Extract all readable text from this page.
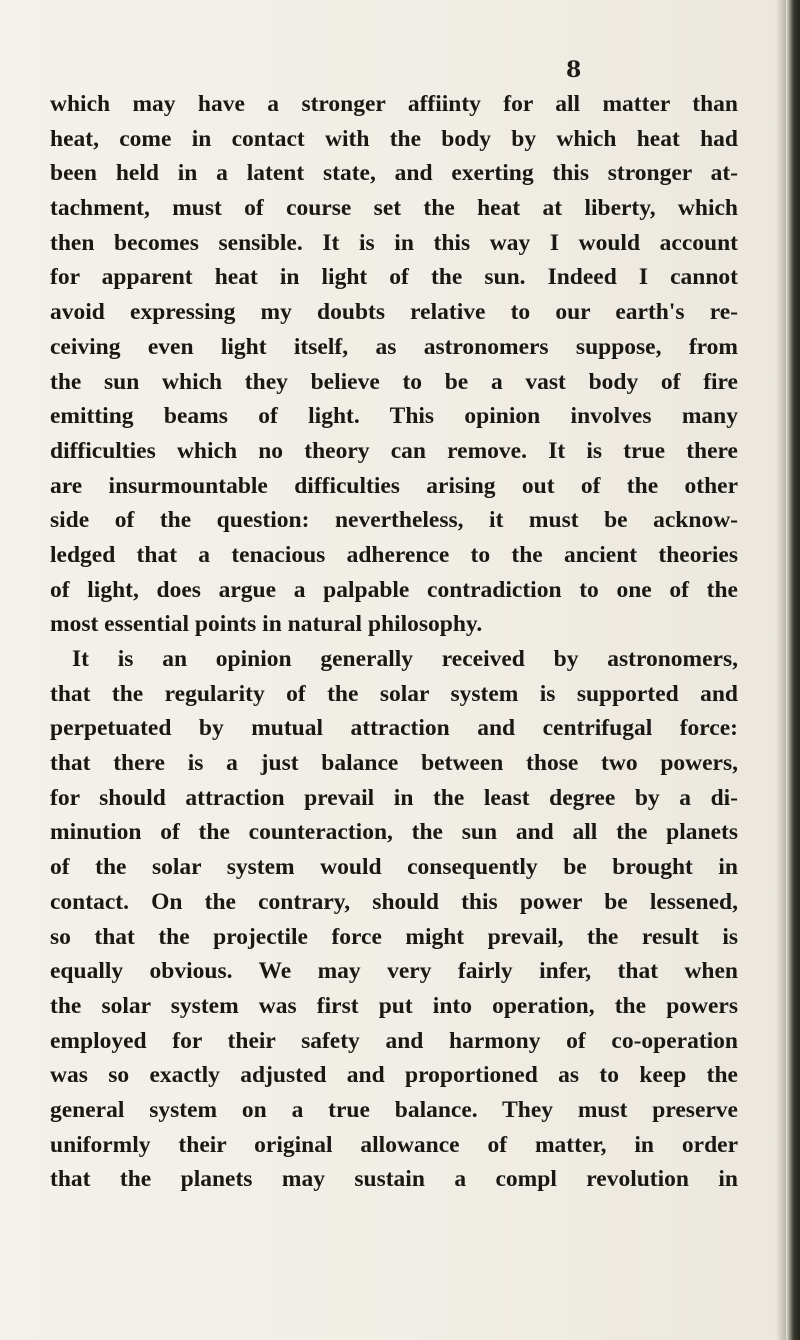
8

which may have a stronger affiinty for all matter than
heat, come in contact with the body by which heat had
been held in a latent state, and exerting this stronger at-
tachment, must of course set the heat at liberty, which
then becomes sensible. It is in this way I would account
for apparent heat in light of the sun. Indeed I cannot
avoid expressing my doubts relative to our earth's re-
ceiving even light itself, as astronomers suppose, from
the sun which they believe to be a vast body of fire
emitting beams of light. This opinion involves many
difficulties which no theory can remove. It is true there
are insurmountable difficulties arising out of the other
side of the question: nevertheless, it must be acknow-
ledged that a tenacious adherence to the ancient theories
of light, does argue a palpable contradiction to one of the
most essential points in natural philosophy.
It is an opinion generally received by astronomers,
that the regularity of the solar system is supported and
perpetuated by mutual attraction and centrifugal force:
that there is a just balance between those two powers,
for should attraction prevail in the least degree by a di-
minution of the counteraction, the sun and all the planets
of the solar system would consequently be brought in
contact. On the contrary, should this power be lessened,
so that the projectile force might prevail, the result is
equally obvious. We may very fairly infer, that when
the solar system was first put into operation, the powers
employed for their safety and harmony of co-operation
was so exactly adjusted and proportioned as to keep the
general system on a true balance. They must preserve
uniformly their original allowance of matter, in order
that the planets may sustain a compl revolution in
